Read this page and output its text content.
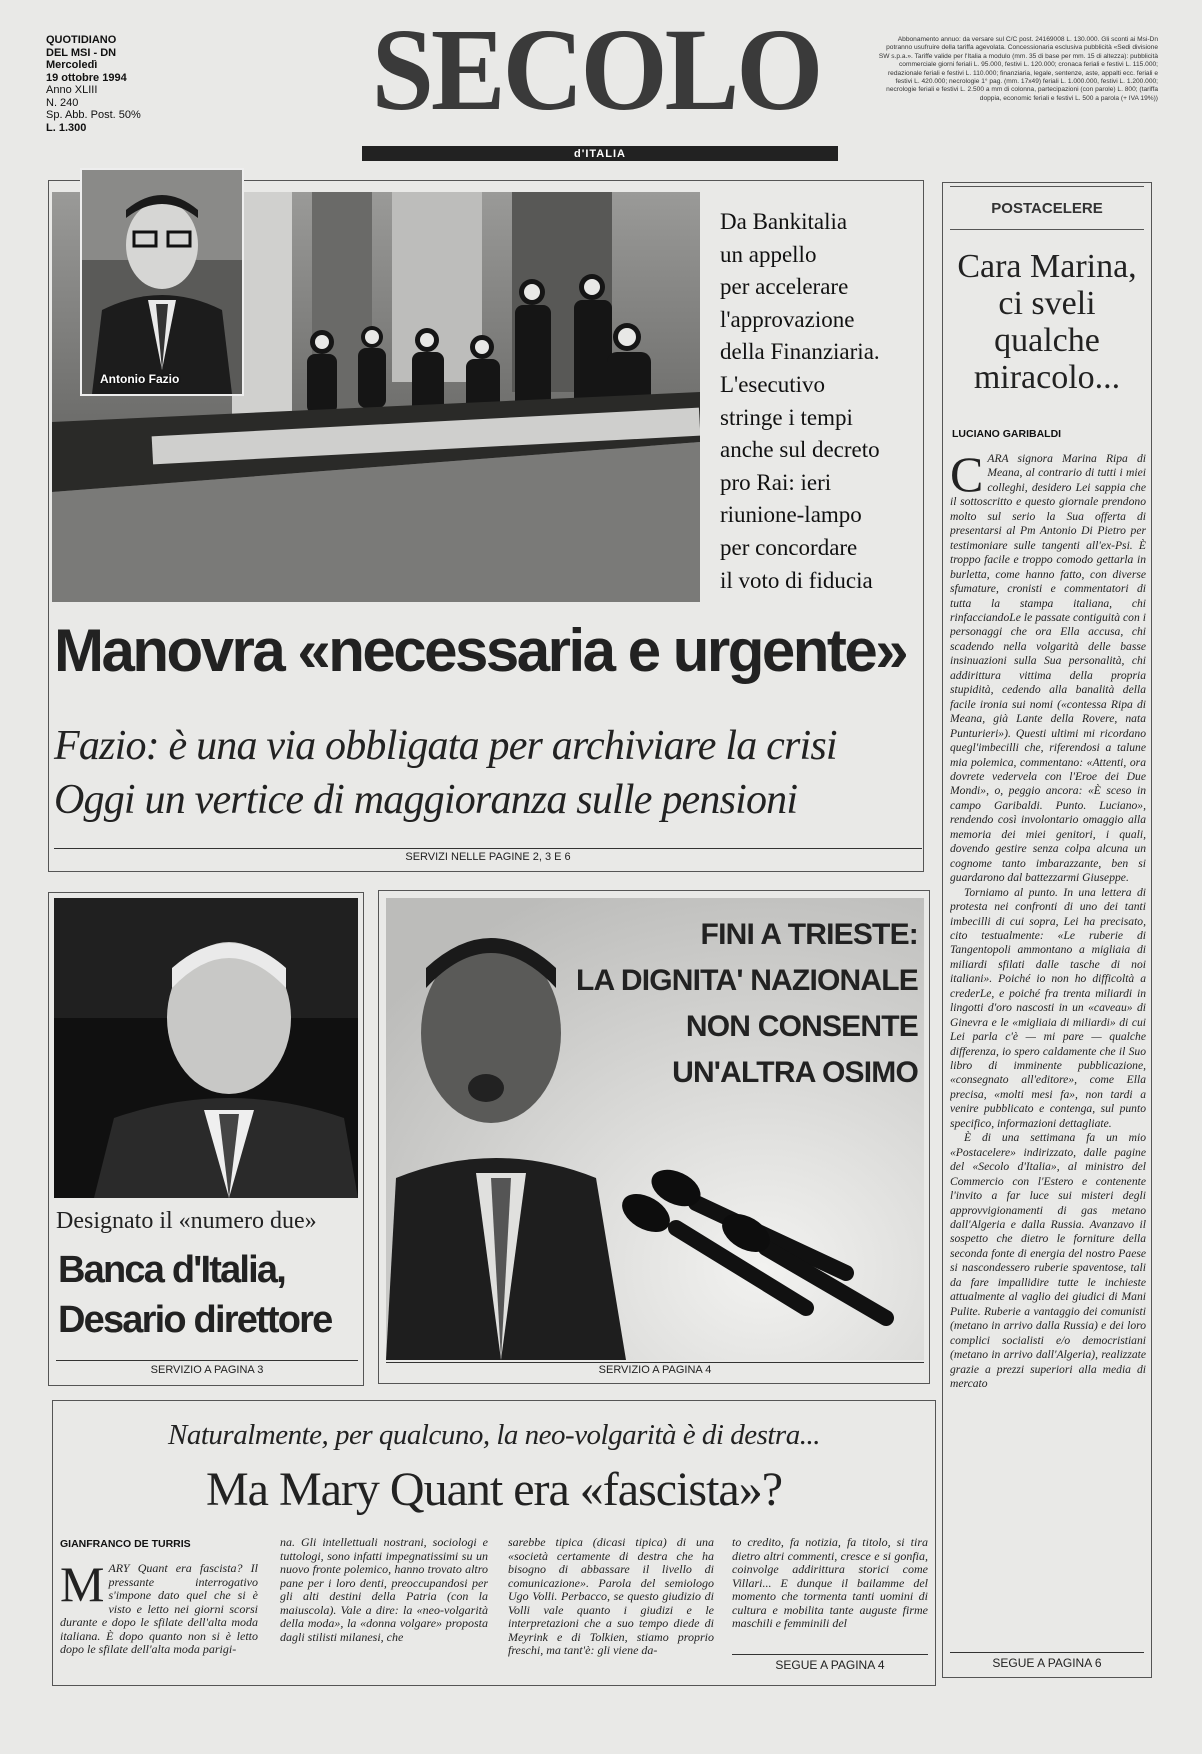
QUOTIDIANO
DEL MSI - DN
Mercoledì
19 ottobre 1994
Anno XLIII
N. 240
Sp. Abb. Post. 50%
L. 1.300	SECOLO
d'ITALIA
Abbonamento annuo: da versare sul C/C post. 24169008 L. 130.000. Gli sconti ai Msi-Dn potranno usufruire della tariffa agevolata. Concessionaria esclusiva pubblicità «Sedi divisione SW s.p.a.». Tariffe valide per l'Italia a modulo (mm. 35 di base per mm. 15 di altezza): pubblicità commerciale giorni feriali L. 95.000, festivi L. 120.000; cronaca feriali e festivi L. 115.000; redazionale feriali e festivi L. 110.000; finanziaria, legale, sentenze, aste, appalti ecc. feriali e festivi L. 420.000; necrologie 1° pag. (mm. 17x49) feriali L. 1.000.000, festivi L. 1.200.000; necrologie feriali e festivi L. 2.500 a mm di colonna, partecipazioni (con parole) L. 800; (tariffa doppia, economic feriali e festivi L. 500 a parola (+ IVA 19%))
Antonio Fazio
Da Bankitalia
un appello
per accelerare
l'approvazione
della Finanziaria.
L'esecutivo
stringe i tempi
anche sul decreto
pro Rai: ieri
riunione-lampo
per concordare
il voto di fiducia
Manovra «necessaria e urgente»
Fazio: è una via obbligata per archiviare la crisi
Oggi un vertice di maggioranza sulle pensioni
SERVIZI NELLE PAGINE 2, 3 E 6
POSTACELERE
Cara Marina,
ci sveli
qualche
miracolo...
LUCIANO GARIBALDI

CARA signora Marina Ripa di Meana, al contrario di tutti i miei colleghi, desidero Lei sappia che il sottoscritto e questo giornale prendono molto sul serio la Sua offerta di presentarsi al Pm Antonio Di Pietro per testimoniare sulle tangenti all'ex-Psi. È troppo facile e troppo comodo gettarla in burletta, come hanno fatto, con diverse sfumature, cronisti e commentatori di tutta la stampa italiana, chi rinfacciandoLe le passate contiguità con i personaggi che ora Ella accusa, chi scadendo nella volgarità delle basse insinuazioni sulla Sua personalità, chi addirittura vittima della propria stupidità, cedendo alla banalità della facile ironia sui nomi («contessa Ripa di Meana, già Lante della Rovere, nata Punturieri»). Questi ultimi mi ricordano quegl'imbecilli che, riferendosi a talune mia polemica, commentano: «Attenti, ora dovrete vedervela con l'Eroe dei Due Mondi», o, peggio ancora: «È sceso in campo Garibaldi. Punto. Luciano», rendendo così involontario omaggio alla memoria dei miei genitori, i quali, dovendo gestire senza colpa alcuna un cognome tanto imbarazzante, ben si guardarono dal battezzarmi Giuseppe.

Torniamo al punto. In una lettera di protesta nei confronti di uno dei tanti imbecilli di cui sopra, Lei ha precisato, cito testualmente: «Le ruberie di Tangentopoli ammontano a migliaia di miliardi sfilati dalle tasche di noi italiani». Poiché io non ho difficoltà a crederLe, e poiché fra trenta miliardi in lingotti d'oro nascosti in un «caveau» di Ginevra e le «migliaia di miliardi» di cui Lei parla c'è — mi pare — qualche differenza, io spero caldamente che il Suo libro di imminente pubblicazione, «consegnato all'editore», come Ella precisa, «molti mesi fa», non tardi a venire pubblicato e contenga, sul punto specifico, informazioni dettagliate.

È di una settimana fa un mio «Postacelere» indirizzato, dalle pagine del «Secolo d'Italia», al ministro del Commercio con l'Estero e contenente l'invito a far luce sui misteri degli approvvigionamenti di gas metano dall'Algeria e dalla Russia. Avanzavo il sospetto che dietro le forniture della seconda fonte di energia del nostro Paese si nascondessero ruberie spaventose, tali da fare impallidire tutte le inchieste attualmente al vaglio dei giudici di Mani Pulite. Ruberie a vantaggio dei comunisti (metano in arrivo dalla Russia) e dei loro complici socialisti e/o democristiani (metano in arrivo dall'Algeria), realizzate grazie a prezzi superiori alla media di mercato

SEGUE A PAGINA 6
Designato il «numero due»
Banca d'Italia,
Desario direttore
SERVIZIO A PAGINA 3
FINI A TRIESTE:
LA DIGNITA' NAZIONALE
NON CONSENTE
UN'ALTRA OSIMO
SERVIZIO A PAGINA 4
Naturalmente, per qualcuno, la neo-volgarità è di destra...
Ma Mary Quant era «fascista»?
GIANFRANCO DE TURRIS
MARY Quant era fascista? Il pressante interrogativo s'impone dato quel che si è visto e letto nei giorni scorsi durante e dopo le sfilate dell'alta moda italiana. È dopo quanto non si è letto dopo le sfilate dell'alta moda parigi-
na. Gli intellettuali nostrani, sociologi e tuttologi, sono infatti impegnatissimi su un nuovo fronte polemico, hanno trovato altro pane per i loro denti, preoccupandosi per gli alti destini della Patria (con la maiuscola). Vale a dire: la «neo-volgarità della moda», la «donna volgare» proposta dagli stilisti milanesi, che
sarebbe tipica (dicasi tipica) di una «società certamente di destra che ha bisogno di abbassare il livello di comunicazione». Parola del semiologo Ugo Volli. Perbacco, se questo giudizio di Volli vale quanto i giudizi e le interpretazioni che a suo tempo diede di Meyrink e di Tolkien, stiamo proprio freschi, ma tant'è: gli viene da-
to credito, fa notizia, fa titolo, si tira dietro altri commenti, cresce e si gonfia, coinvolge addirittura storici come Villari... E dunque il bailamme del momento che tormenta tanti uomini di cultura e mobilita tante auguste firme maschili e femminili del
SEGUE A PAGINA 4
